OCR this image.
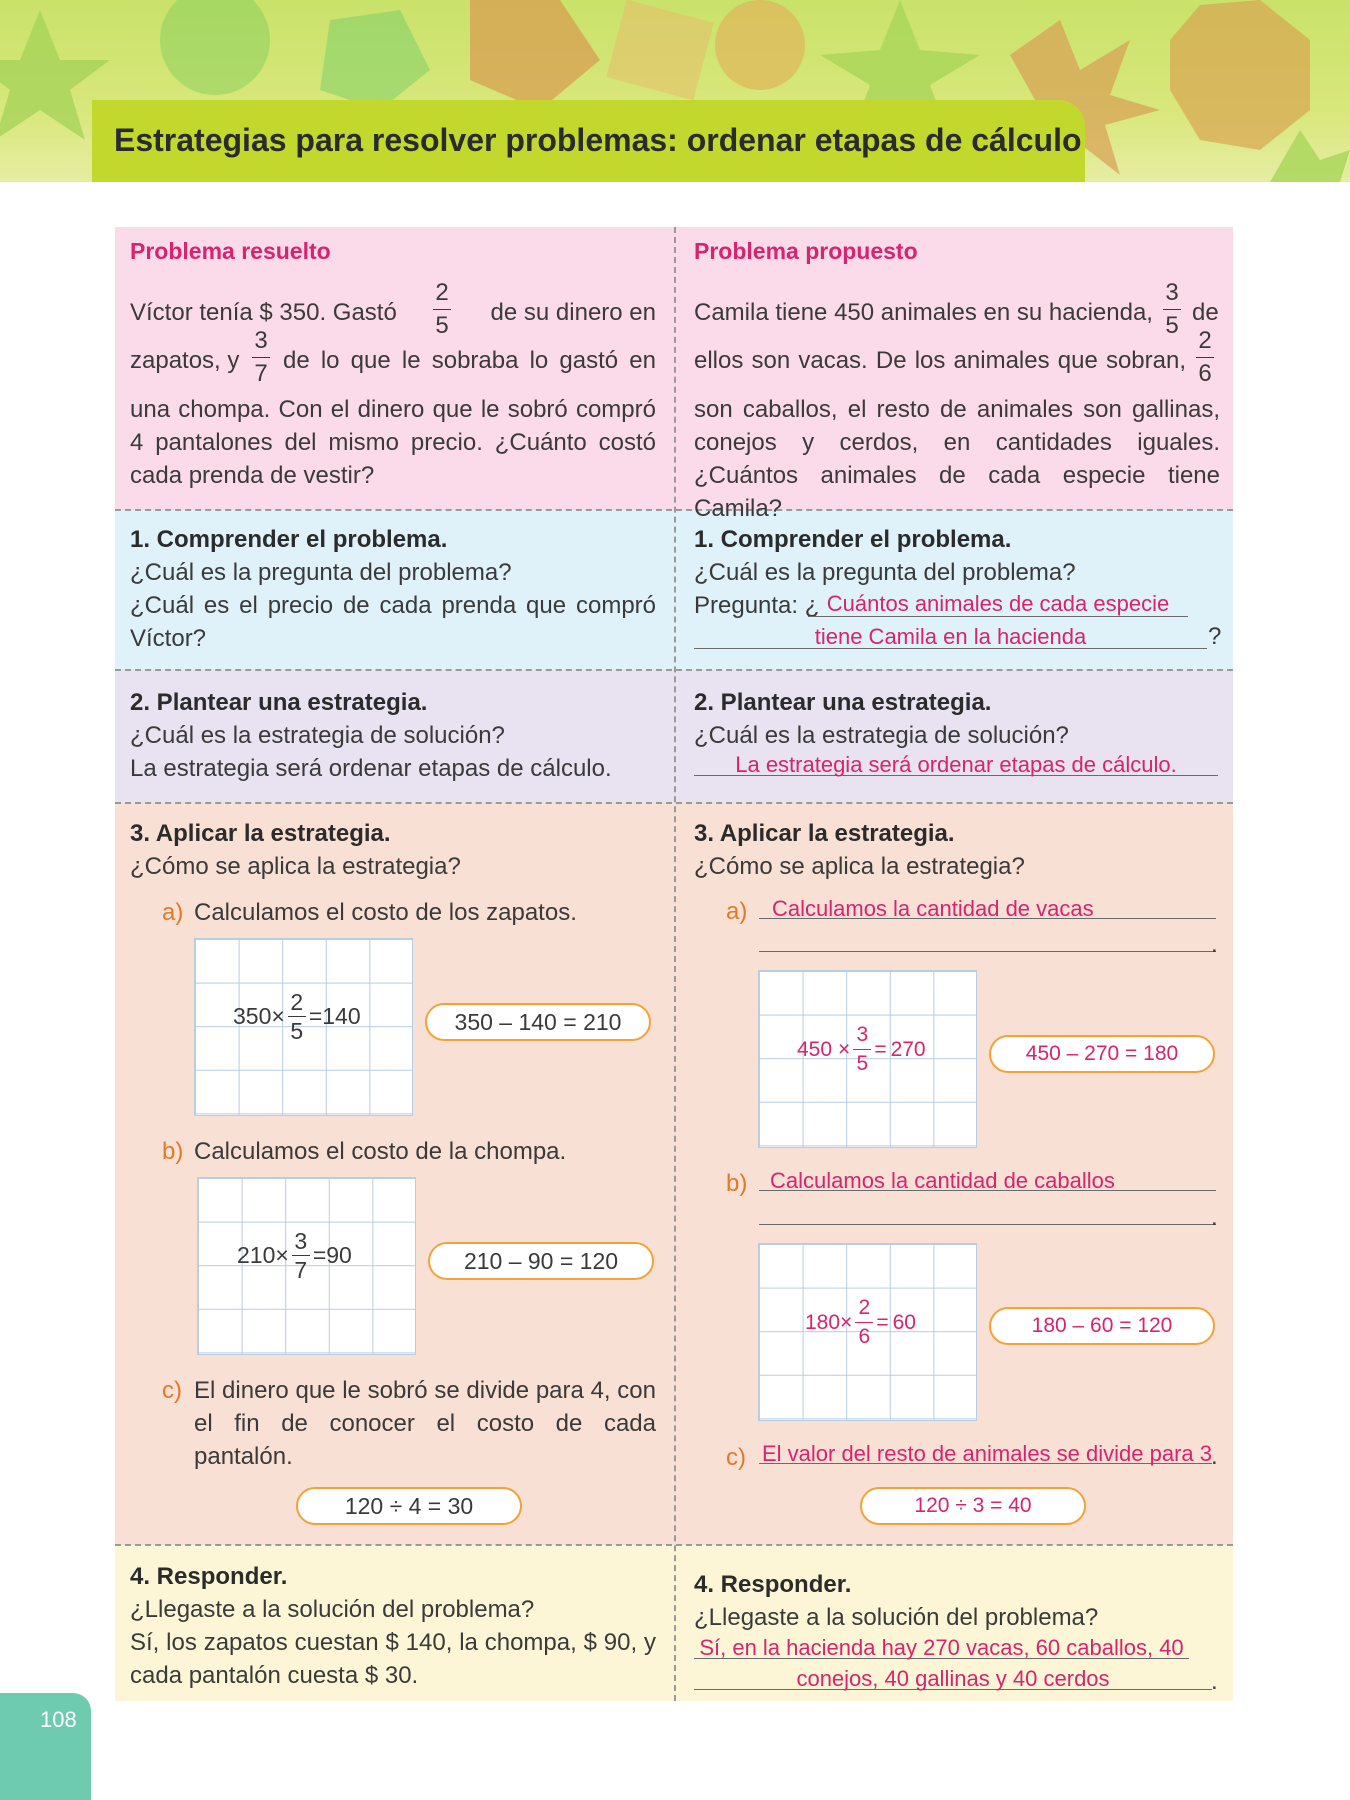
Estrategias para resolver problemas: ordenar etapas de cálculo
Problema resuelto
Víctor tenía $ 350. Gastó
2
5	de su dinero en
zapatos, y
3
7 de lo que le sobraba lo gastó en
una chompa. Con el dinero que le sobró compró 4 pantalones del mismo precio. ¿Cuánto costó cada prenda de vestir?
1. Comprender el problema.
¿Cuál es la pregunta del problema?
¿Cuál es el precio de cada prenda que compró Víctor?
2. Plantear una estrategia.
¿Cuál es la estrategia de solución?
La estrategia será ordenar etapas de cálculo.
3. Aplicar la estrategia.
¿Cómo se aplica la estrategia?
a) Calculamos el costo de los zapatos.
350 ×
2
5
= 140	350 – 140 = 210
b) Calculamos el costo de la chompa.
210 ×
3
7
= 90	210 – 90 = 120
c) El dinero que le sobró se divide para 4, con el fin de conocer el costo de cada pantalón.
120 ÷ 4 = 30
4. Responder.
¿Llegaste a la solución del problema?
Sí, los zapatos cuestan $ 140, la chompa, $ 90, y cada pantalón cuesta $ 30.
Problema propuesto
Camila tiene 450 animales en su hacienda,
3
5 de
ellos son vacas. De los animales que sobran,
2
6
son caballos, el resto de animales son gallinas, conejos y cerdos, en cantidades iguales. ¿Cuántos animales de cada especie tiene Camila?
1. Comprender el problema.
¿Cuál es la pregunta del problema?
Pregunta: ¿ Cuántos animales de cada especie
tiene Camila en la hacienda	?
2. Plantear una estrategia.
¿Cuál es la estrategia de solución?
La estrategia será ordenar etapas de cálculo.
3. Aplicar la estrategia.
¿Cómo se aplica la estrategia?
a) Calculamos la cantidad de vacas
.
450 ×
3
5
= 270	450 – 270 = 180
b) Calculamos la cantidad de caballos
.
180 ×
2
6
= 60	180 – 60 = 120
c) El valor del resto de animales se divide para 3 .
120 ÷ 3 = 40
4. Responder.
¿Llegaste a la solución del problema?
Sí, en la hacienda hay 270 vacas, 60 caballos, 40
conejos, 40 gallinas y 40 cerdos	.
108
